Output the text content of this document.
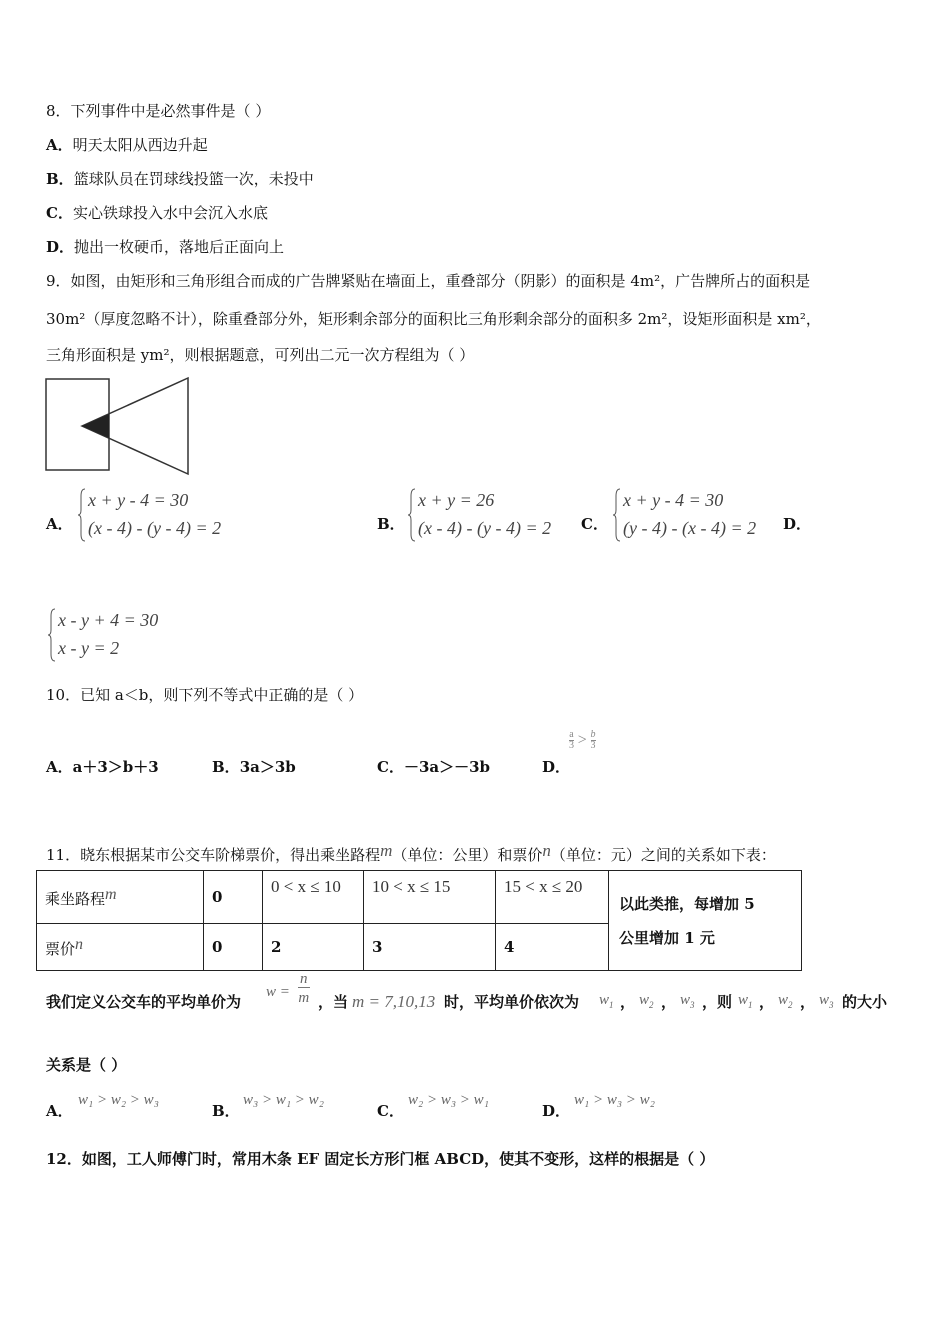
8．下列事件中是必然事件是（ ）
A．明天太阳从西边升起
B．篮球队员在罚球线投篮一次，未投中
C．实心铁球投入水中会沉入水底
D．抛出一枚硬币，落地后正面向上
9．如图，由矩形和三角形组合而成的广告牌紧贴在墙面上，重叠部分（阴影）的面积是 4m²，广告牌所占的面积是
30m²（厚度忽略不计），除重叠部分外，矩形剩余部分的面积比三角形剩余部分的面积多 2m²，设矩形面积是 xm²，
三角形面积是 ym²，则根据题意，可列出二元一次方程组为（ ）
A．
x + y - 4 = 30
(x - 4) - (y - 4) = 2	B．
x + y = 26
(x - 4) - (y - 4) = 2 C．
x + y - 4 = 30
(y - 4) - (x - 4) = 2 D．
x - y + 4 = 30
x - y = 2
10．已知 a＜b，则下列不等式中正确的是（ ）
A．a＋3＞b＋3	B．3a＞3b	C．－3a＞－3b	D．
$\frac{a}{3} > \frac{b}{3}$
11．晓东根据某市公交车阶梯票价，得出乘坐路程m（单位：公里）和票价n（单位：元）之间的关系如下表：
乘坐路程m	0	0 < x ≤ 10	10 < x ≤ 15	15 < x ≤ 20	以此类推，每增加 5
公里增加 1 元

票价n	0	2	3	4	
我们定义公交车的平均单价为
$w = \frac{n}{m}$ ，当 m = 7,10,13 时，平均单价依次为 $w_1$ ， $w_2$ ， $w_3$ ，则 $w_1$ ， $w_2$ ， $w_3$ 的大小
关系是（ ）
A．
w₁ > w₂ > w₃
B．
w₃ > w₁ > w₂
C．
w₂ > w₃ > w₁
D．
w₁ > w₃ > w₂
12．如图，工人师傅门时，常用木条 EF 固定长方形门框 ABCD，使其不变形，这样的根据是（ ）
